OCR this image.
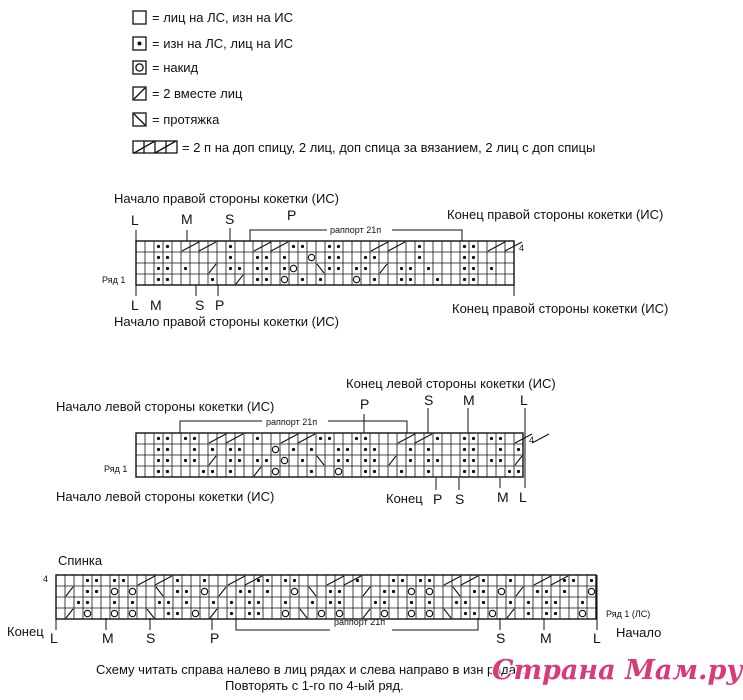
= лиц на ЛС, изн на ИС
= изн на ЛС, лиц на ИС
= накид
= 2 вместе лиц
= протяжка
= 2 п на доп спицу, 2 лиц, доп спица за вязанием, 2 лиц с доп спицы
Начало правой стороны кокетки (ИС)
Конец правой стороны кокетки (ИС)
L	M S	P
раппорт 21п
Ряд 1
4
L M S P
Начало правой стороны кокетки (ИС)
Конец правой стороны кокетки (ИС)
Конец левой стороны кокетки (ИС)
Начало левой стороны кокетки (ИС)	P	S M	L
раппорт 21п
Ряд 1
4
Начало левой стороны кокетки (ИС)	Конец P S M L
Спинка
4
Ряд 1 (ЛС)
Конец	Начало
раппорт 21п
L	M S	P	S M	L
Схему читать справа налево в лиц рядах и слева направо в изн рядах.
Повторять с 1-го по 4-ый ряд.	Страна Мам.ру
